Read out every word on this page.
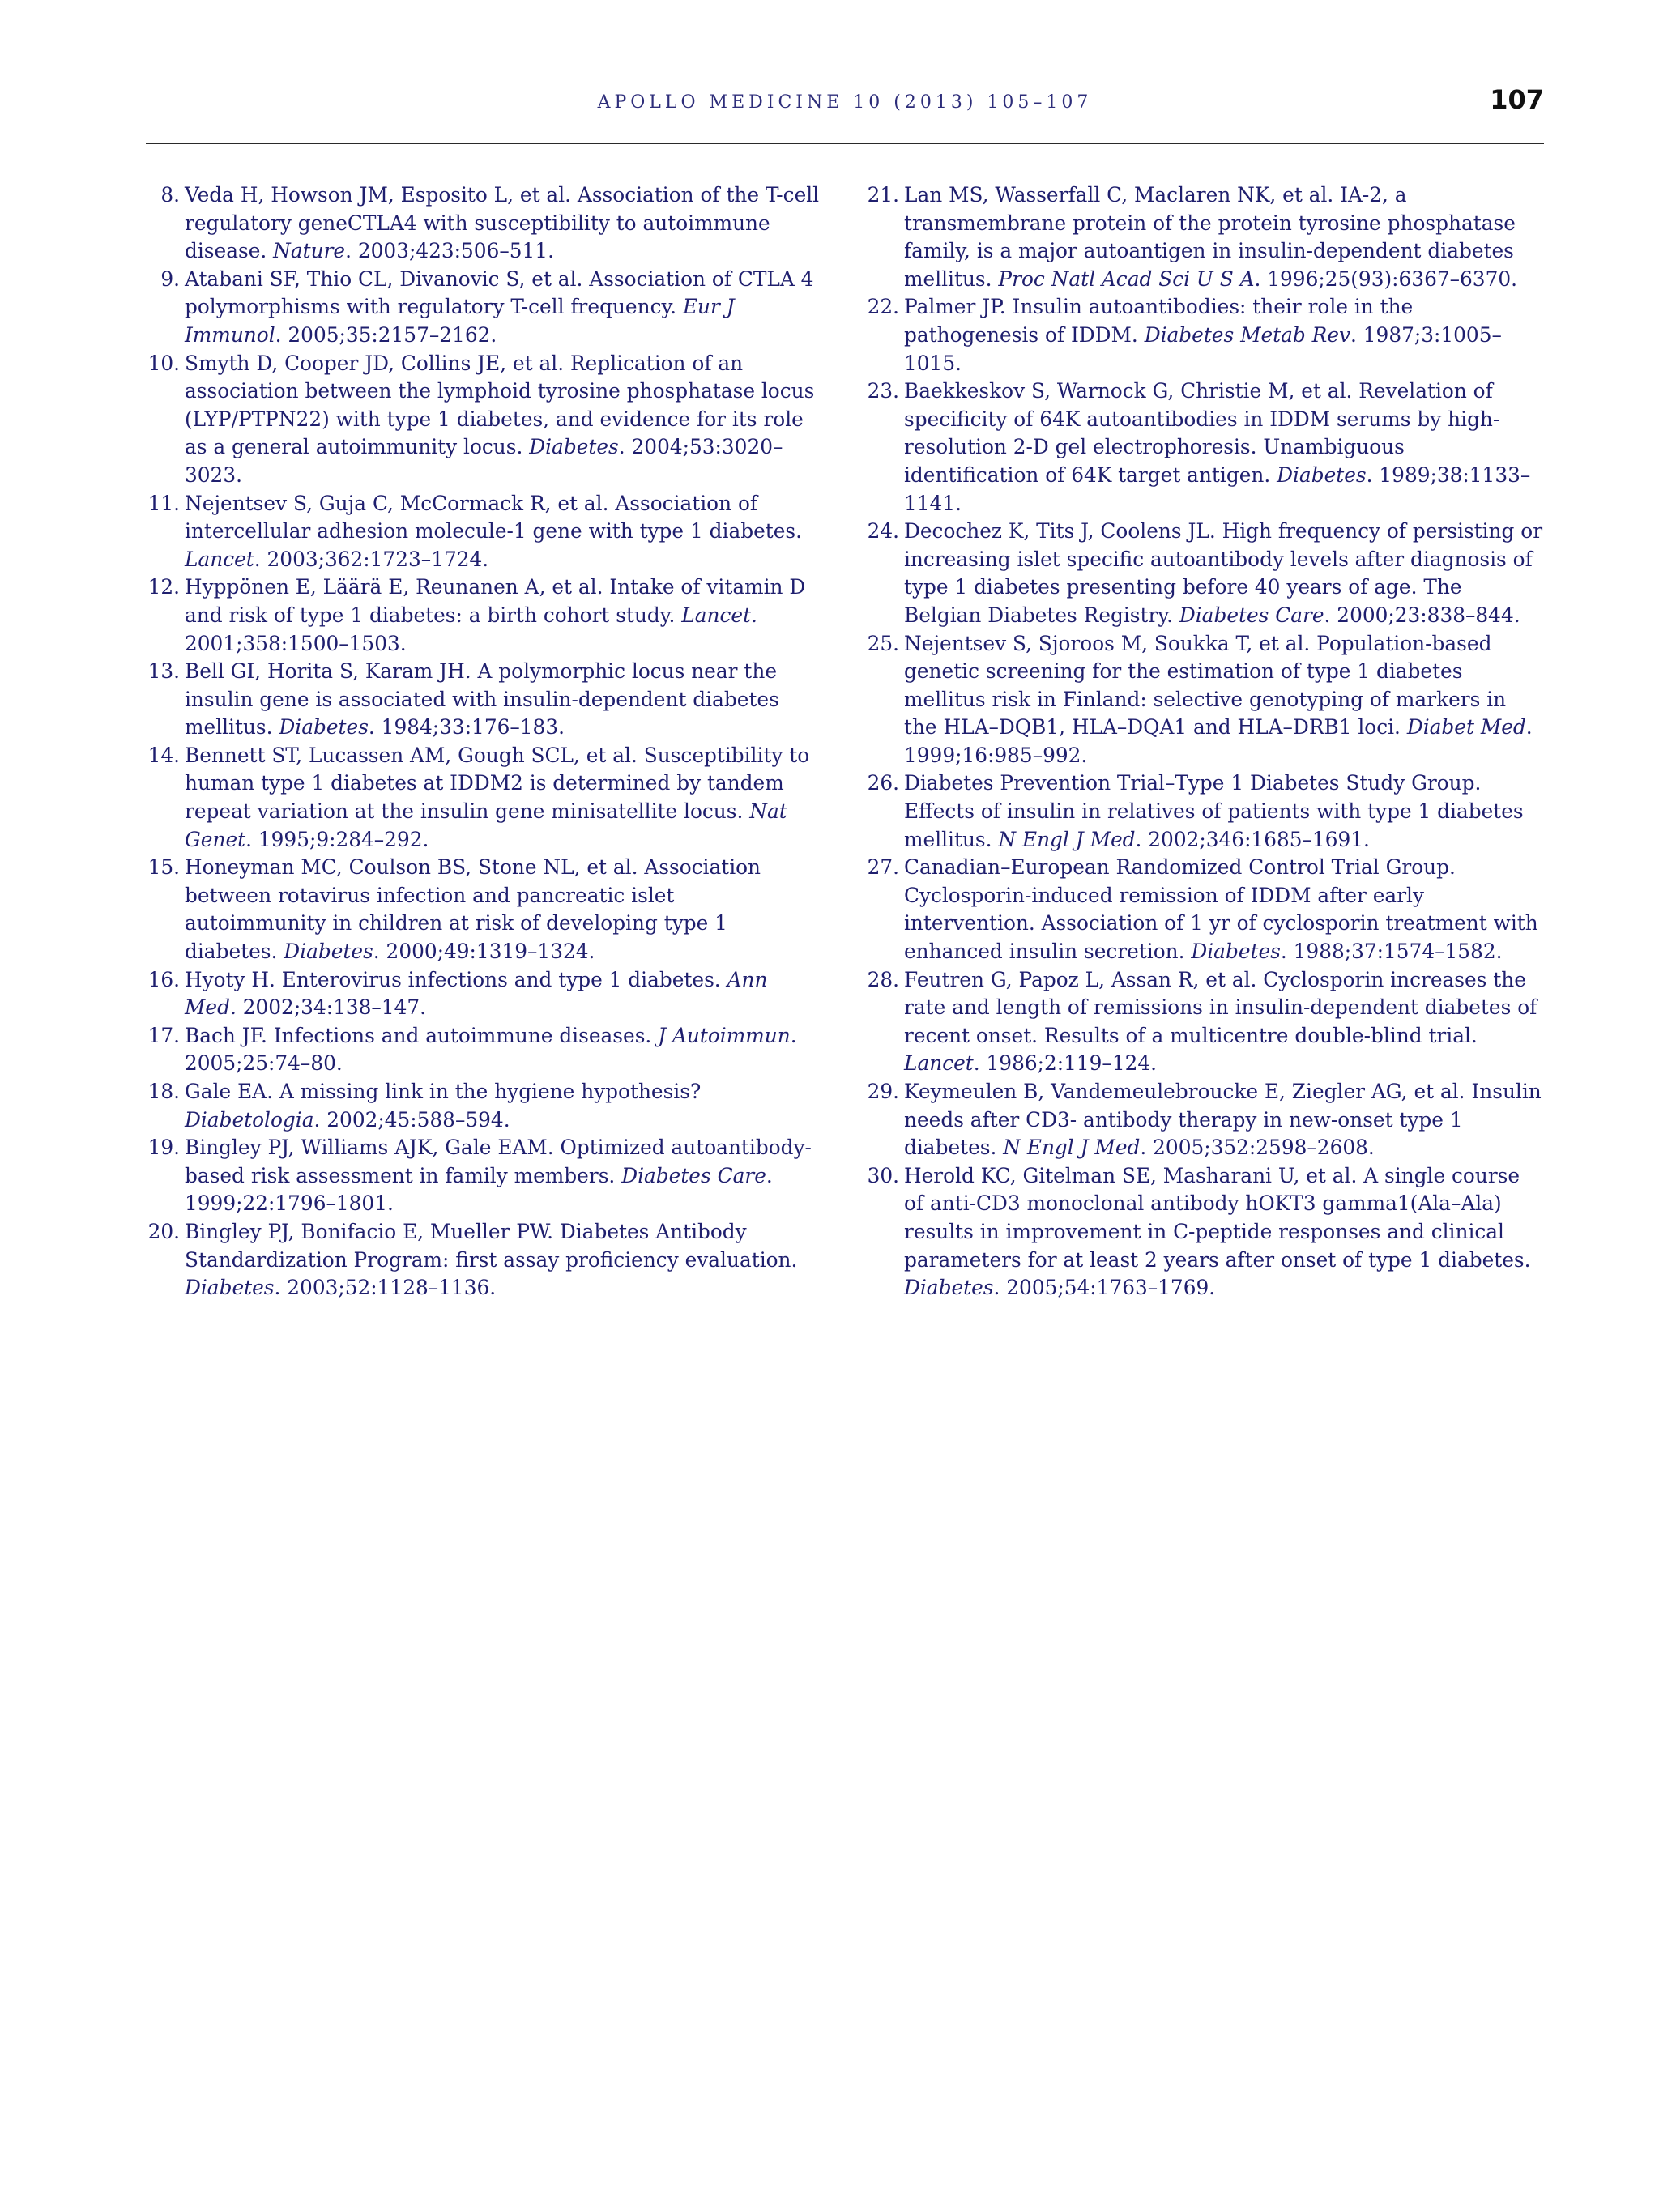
APOLLO MEDICINE 10 (2013) 105–107	107
8. Veda H, Howson JM, Esposito L, et al. Association of the T-cell regulatory geneCTLA4 with susceptibility to autoimmune disease. Nature. 2003;423:506–511.
9. Atabani SF, Thio CL, Divanovic S, et al. Association of CTLA 4 polymorphisms with regulatory T-cell frequency. Eur J Immunol. 2005;35:2157–2162.
10. Smyth D, Cooper JD, Collins JE, et al. Replication of an association between the lymphoid tyrosine phosphatase locus (LYP/PTPN22) with type 1 diabetes, and evidence for its role as a general autoimmunity locus. Diabetes. 2004;53:3020–3023.
11. Nejentsev S, Guja C, McCormack R, et al. Association of intercellular adhesion molecule-1 gene with type 1 diabetes. Lancet. 2003;362:1723–1724.
12. Hyppönen E, Läärä E, Reunanen A, et al. Intake of vitamin D and risk of type 1 diabetes: a birth cohort study. Lancet. 2001;358:1500–1503.
13. Bell GI, Horita S, Karam JH. A polymorphic locus near the insulin gene is associated with insulin-dependent diabetes mellitus. Diabetes. 1984;33:176–183.
14. Bennett ST, Lucassen AM, Gough SCL, et al. Susceptibility to human type 1 diabetes at IDDM2 is determined by tandem repeat variation at the insulin gene minisatellite locus. Nat Genet. 1995;9:284–292.
15. Honeyman MC, Coulson BS, Stone NL, et al. Association between rotavirus infection and pancreatic islet autoimmunity in children at risk of developing type 1 diabetes. Diabetes. 2000;49:1319–1324.
16. Hyoty H. Enterovirus infections and type 1 diabetes. Ann Med. 2002;34:138–147.
17. Bach JF. Infections and autoimmune diseases. J Autoimmun. 2005;25:74–80.
18. Gale EA. A missing link in the hygiene hypothesis? Diabetologia. 2002;45:588–594.
19. Bingley PJ, Williams AJK, Gale EAM. Optimized autoantibody-based risk assessment in family members. Diabetes Care. 1999;22:1796–1801.
20. Bingley PJ, Bonifacio E, Mueller PW. Diabetes Antibody Standardization Program: first assay proficiency evaluation. Diabetes. 2003;52:1128–1136.
21. Lan MS, Wasserfall C, Maclaren NK, et al. IA-2, a transmembrane protein of the protein tyrosine phosphatase family, is a major autoantigen in insulin-dependent diabetes mellitus. Proc Natl Acad Sci U S A. 1996;25(93):6367–6370.
22. Palmer JP. Insulin autoantibodies: their role in the pathogenesis of IDDM. Diabetes Metab Rev. 1987;3:1005–1015.
23. Baekkeskov S, Warnock G, Christie M, et al. Revelation of specificity of 64K autoantibodies in IDDM serums by high-resolution 2-D gel electrophoresis. Unambiguous identification of 64K target antigen. Diabetes. 1989;38:1133–1141.
24. Decochez K, Tits J, Coolens JL. High frequency of persisting or increasing islet specific autoantibody levels after diagnosis of type 1 diabetes presenting before 40 years of age. The Belgian Diabetes Registry. Diabetes Care. 2000;23:838–844.
25. Nejentsev S, Sjoroos M, Soukka T, et al. Population-based genetic screening for the estimation of type 1 diabetes mellitus risk in Finland: selective genotyping of markers in the HLA–DQB1, HLA–DQA1 and HLA–DRB1 loci. Diabet Med. 1999;16:985–992.
26. Diabetes Prevention Trial–Type 1 Diabetes Study Group. Effects of insulin in relatives of patients with type 1 diabetes mellitus. N Engl J Med. 2002;346:1685–1691.
27. Canadian–European Randomized Control Trial Group. Cyclosporin-induced remission of IDDM after early intervention. Association of 1 yr of cyclosporin treatment with enhanced insulin secretion. Diabetes. 1988;37:1574–1582.
28. Feutren G, Papoz L, Assan R, et al. Cyclosporin increases the rate and length of remissions in insulin-dependent diabetes of recent onset. Results of a multicentre double-blind trial. Lancet. 1986;2:119–124.
29. Keymeulen B, Vandemeulebroucke E, Ziegler AG, et al. Insulin needs after CD3- antibody therapy in new-onset type 1 diabetes. N Engl J Med. 2005;352:2598–2608.
30. Herold KC, Gitelman SE, Masharani U, et al. A single course of anti-CD3 monoclonal antibody hOKT3 gamma1(Ala–Ala) results in improvement in C-peptide responses and clinical parameters for at least 2 years after onset of type 1 diabetes. Diabetes. 2005;54:1763–1769.
